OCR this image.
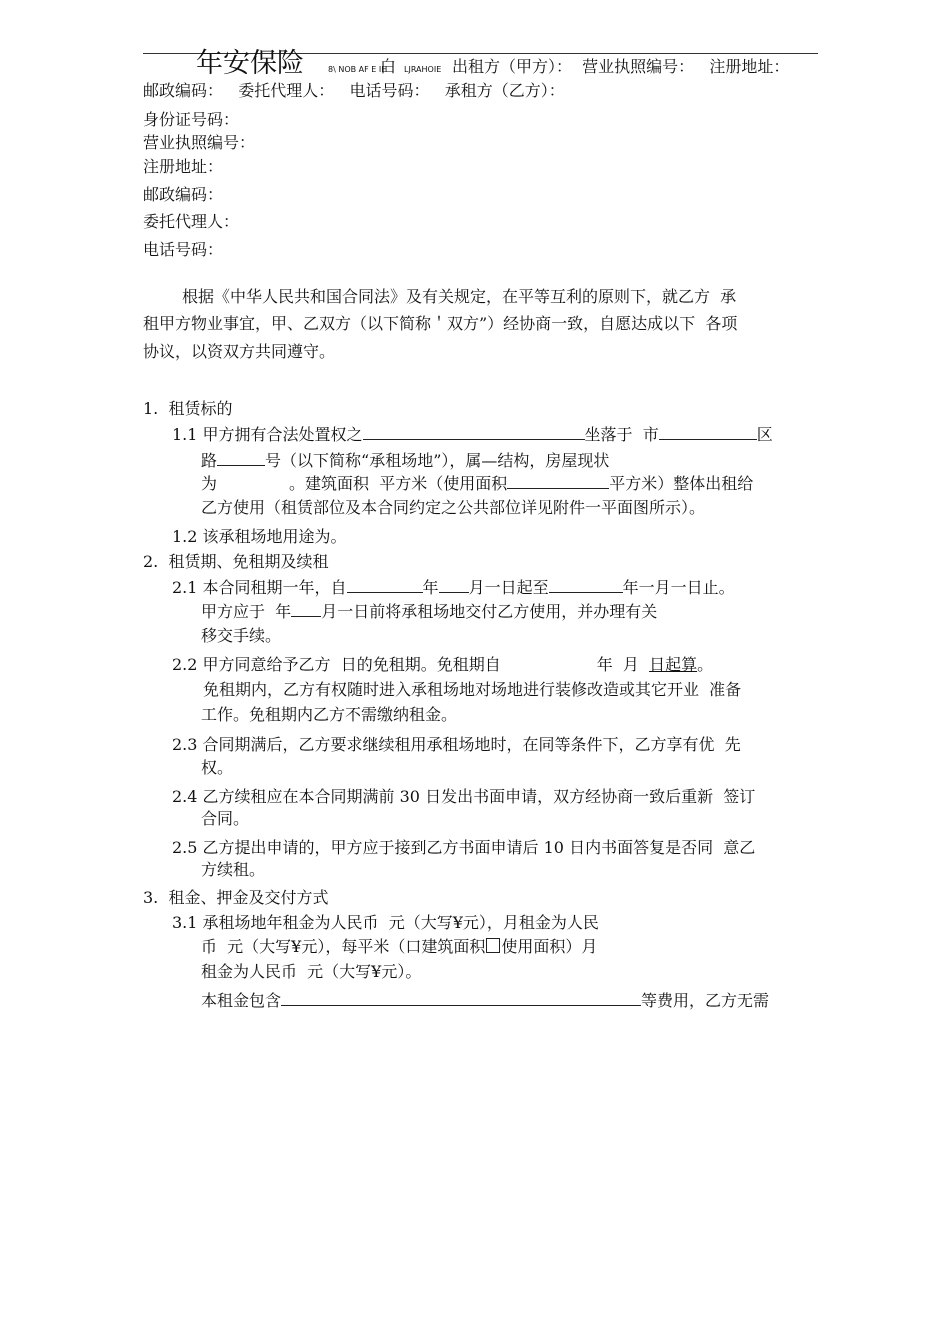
年安保险	8\ NOB AF E IH
白 LJRAHOIE 出租方（甲方）：  营业执照编号：   注册地址：
邮政编码：   委托代理人：   电话号码：   承租方（乙方）：
身份证号码：
营业执照编号：
注册地址：
邮政编码：
委托代理人：
电话号码：
根据《中华人民共和国合同法》及有关规定，在平等互利的原则下，就乙方  承
租甲方物业事宜，甲、乙双方（以下简称＇双方”）经协商一致，自愿达成以下  各项
协议，以资双方共同遵守。
1.  租赁标的
1.1 甲方拥有合法处置权之	坐落于  市	区
路	号（以下简称“承租场地”），属—结构，房屋现状
为	。建筑面积  平方米（使用面积	平方米）整体出租给
乙方使用（租赁部位及本合同约定之公共部位详见附件一平面图所示）。
1.2 该承租场地用途为。
2.  租赁期、免租期及续租
2.1 本合同租期一年，自	年 月一日起至	年一月一日止。
甲方应于  年 月一日前将承租场地交付乙方使用，并办理有关
移交手续。
2.2 甲方同意给予乙方  日的免租期。免租期自	年  月  日起算。
免租期内，乙方有权随时进入承租场地对场地进行装修改造或其它开业  准备
工作。免租期内乙方不需缴纳租金。
2.3 合同期满后，乙方要求继续租用承租场地时，在同等条件下，乙方享有优  先
权。
2.4 乙方续租应在本合同期满前 30 日发出书面申请，双方经协商一致后重新  签订
合同。
2.5 乙方提出申请的，甲方应于接到乙方书面申请后 10 日内书面答复是否同  意乙
方续租。
3.  租金、押金及交付方式
3.1 承租场地年租金为人民币  元（大写¥元），月租金为人民
币  元（大写¥元），每平米（口建筑面积 使用面积）月
租金为人民币  元（大写¥元）。
本租金包含	等费用，乙方无需
